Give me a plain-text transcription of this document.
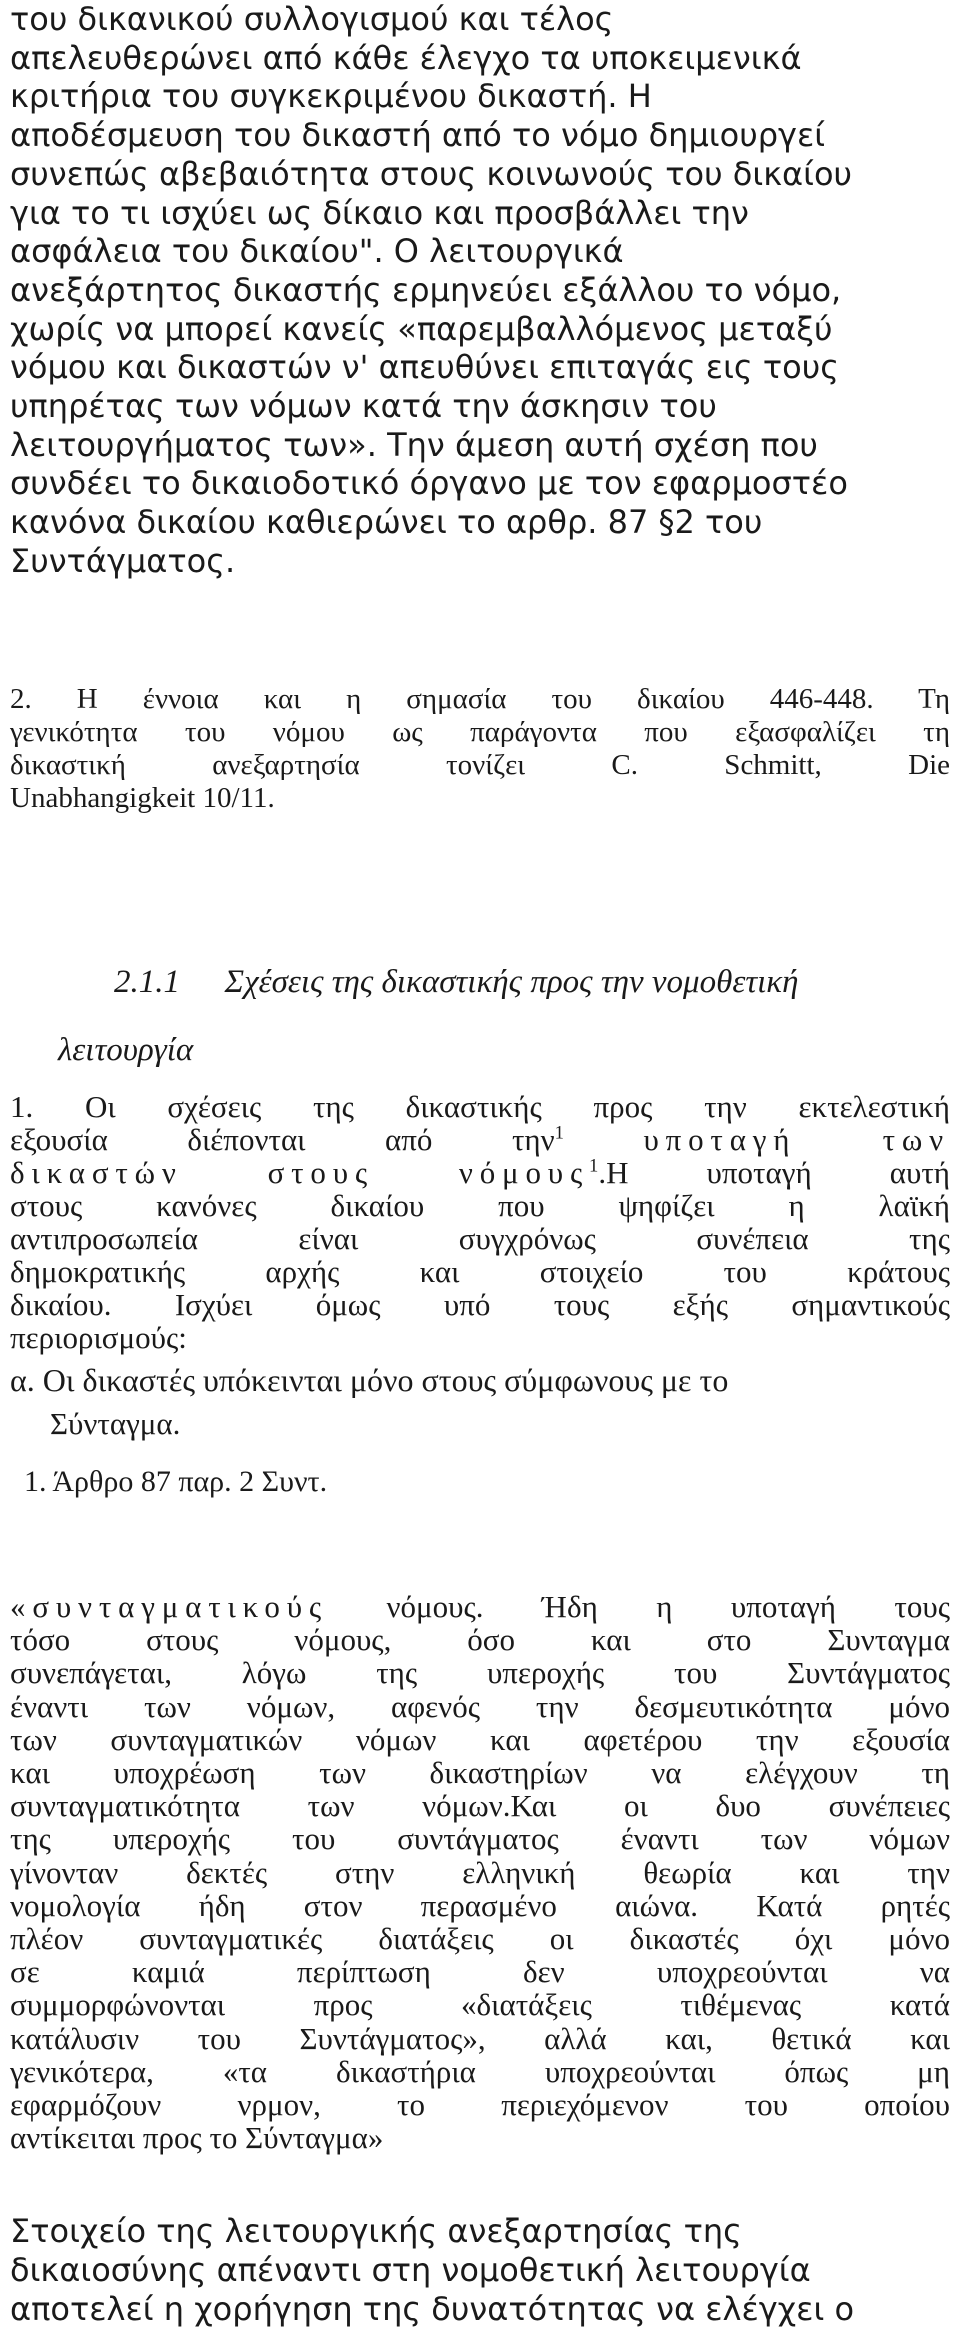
του δικανικού συλλογισμού και τέλος
απελευθερώνει από κάθε έλεγχο τα υποκειμενικά
κριτήρια του συγκεκριμένου δικαστή. Η
αποδέσμευση του δικαστή από το νόμο δημιουργεί
συνεπώς αβεβαιότητα στους κοινωνούς του δικαίου
για το τι ισχύει ως δίκαιο και προσβάλλει την
ασφάλεια του δικαίου". Ο λειτουργικά
ανεξάρτητος δικαστής ερμηνεύει εξάλλου το νόμο,
χωρίς να μπορεί κανείς «παρεμβαλλόμενος μεταξύ
νόμου και δικαστών ν' απευθύνει επιταγάς εις τους
υπηρέτας των νόμων κατά την άσκησιν του
λειτουργήματος των». Την άμεση αυτή σχέση που
συνδέει το δικαιοδοτικό όργανο με τον εφαρμοστέο
κανόνα δικαίου καθιερώνει το αρθρ. 87 §2 του
Συντάγματος.
2. Η έννοια και η σημασία του δικαίου 446-448. Τη
γενικότητα του νόμου ως παράγοντα που εξασφαλίζει τη
δικαστική ανεξαρτησία τονίζει C. Schmitt, Die
Unabhangigkeit 10/11.
2.1.1 Σχέσεις της δικαστικής προς την νομοθετική
λειτουργία
1. Οι σχέσεις της δικαστικής προς την εκτελεστική
εξουσία διέπονται από την$^1$	υποταγή των
δικαστών στους νόμους$^1$.Η υποταγή αυτή
στους κανόνες δικαίου που ψηφίζει η λαϊκή
αντιπροσωπεία είναι συγχρόνως συνέπεια της
δημοκρατικής αρχής και στοιχείο του κράτους
δικαίου. Ισχύει όμως υπό τους εξής σημαντικούς
περιορισμούς:
α. Οι δικαστές υπόκεινται μόνο στους σύμφωνους με το
Σύνταγμα.
1. Άρθρο 87 παρ. 2 Συντ.
«συνταγματικούς νόμους. Ήδη η υποταγή τους
τόσο στους νόμους, όσο και στο Συνταγμα
συνεπάγεται, λόγω της υπεροχής του Συντάγματος
έναντι των νόμων, αφενός την δεσμευτικότητα μόνο
των συνταγματικών νόμων και αφετέρου την εξουσία
και υποχρέωση των δικαστηρίων να ελέγχουν τη
συνταγματικότητα των νόμων.Και οι δυο συνέπειες
της υπεροχής του συντάγματος έναντι των νόμων
γίνονταν δεκτές στην ελληνική θεωρία και την
νομολογία ήδη στον περασμένο αιώνα. Κατά ρητές
πλέον συνταγματικές διατάξεις οι δικαστές όχι μόνο
σε καμιά περίπτωση δεν υποχρεούνται να
συμμορφώνονται προς «διατάξεις τιθέμενας κατά
κατάλυσιν του Συντάγματος», αλλά και, θετικά και
γενικότερα, «τα δικαστήρια υποχρεούνται όπως μη
εφαρμόζουν νρμον, το περιεχόμενον του οποίου
αντίκειται προς το Σύνταγμα»
Στοιχείο της λειτουργικής ανεξαρτησίας της
δικαιοσύνης απέναντι στη νομοθετική λειτουργία
αποτελεί η χορήγηση της δυνατότητας να ελέγχει ο
